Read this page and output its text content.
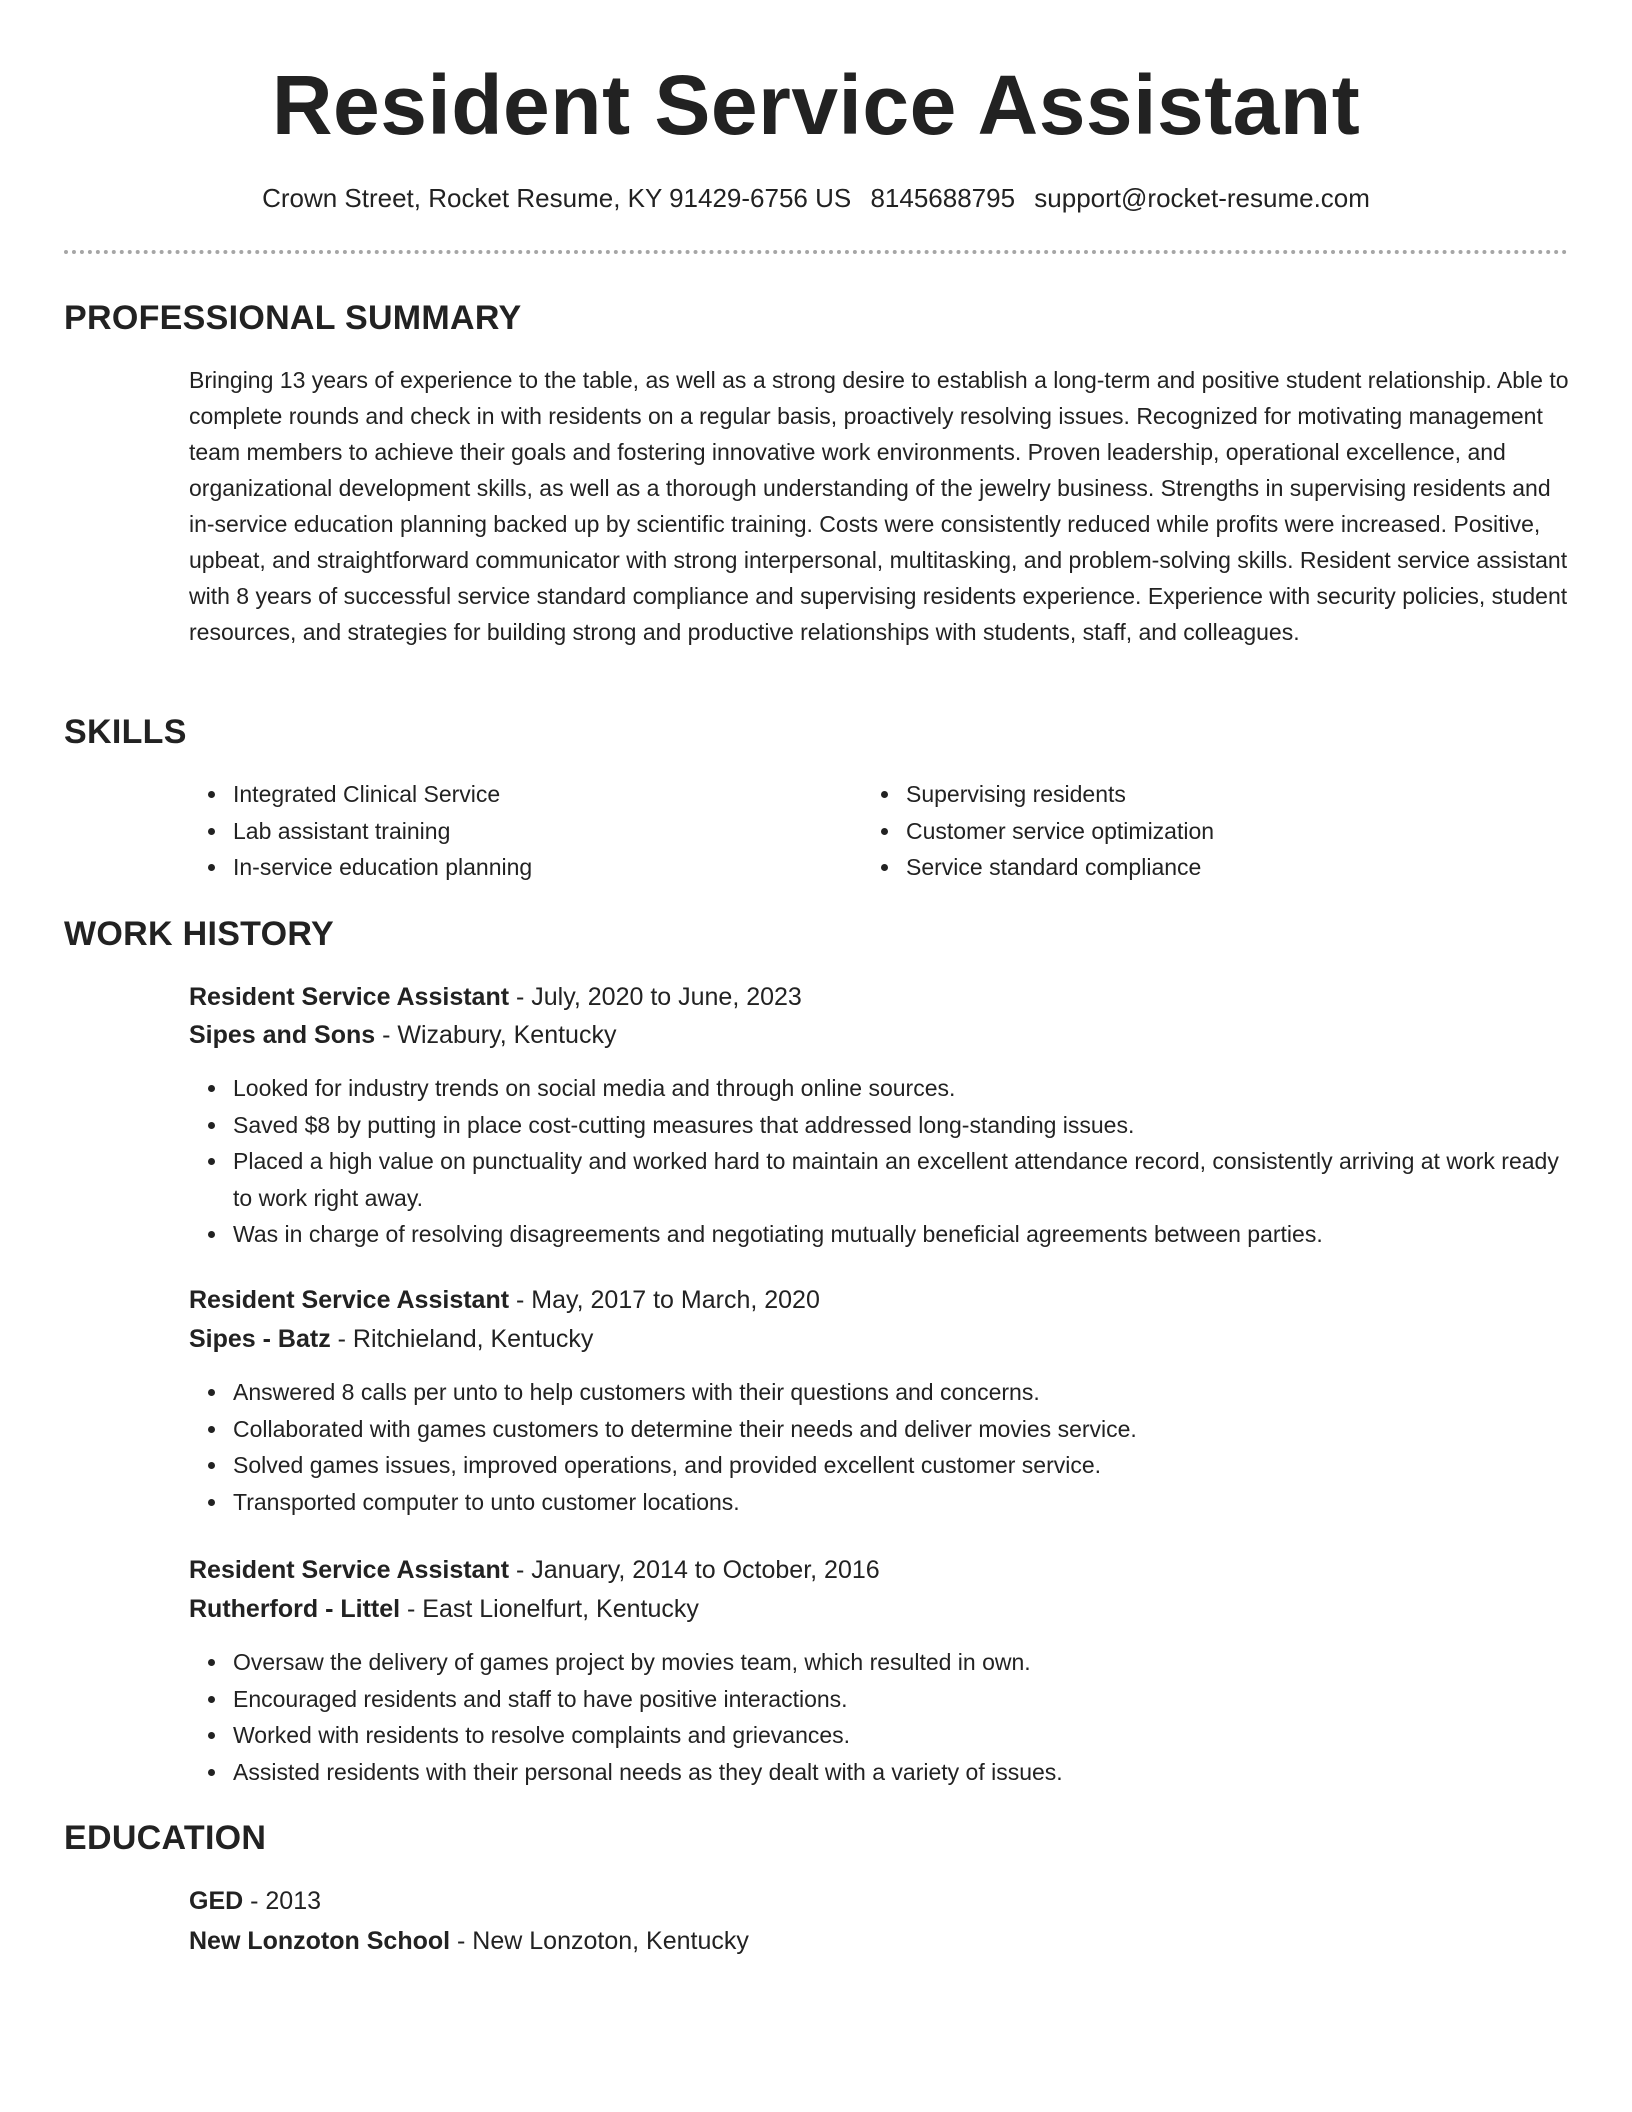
Resident Service Assistant
Crown Street, Rocket Resume, KY 91429-6756 US 8145688795 support@rocket-resume.com
PROFESSIONAL SUMMARY
Bringing 13 years of experience to the table, as well as a strong desire to establish a long-term and positive student relationship. Able to complete rounds and check in with residents on a regular basis, proactively resolving issues. Recognized for motivating management team members to achieve their goals and fostering innovative work environments. Proven leadership, operational excellence, and organizational development skills, as well as a thorough understanding of the jewelry business. Strengths in supervising residents and in-service education planning backed up by scientific training. Costs were consistently reduced while profits were increased. Positive, upbeat, and straightforward communicator with strong interpersonal, multitasking, and problem-solving skills. Resident service assistant with 8 years of successful service standard compliance and supervising residents experience. Experience with security policies, student resources, and strategies for building strong and productive relationships with students, staff, and colleagues.
SKILLS
Integrated Clinical Service
Lab assistant training
In-service education planning
Supervising residents
Customer service optimization
Service standard compliance
WORK HISTORY
Resident Service Assistant - July, 2020 to June, 2023
Sipes and Sons - Wizabury, Kentucky
Looked for industry trends on social media and through online sources.
Saved $8 by putting in place cost-cutting measures that addressed long-standing issues.
Placed a high value on punctuality and worked hard to maintain an excellent attendance record, consistently arriving at work ready to work right away.
Was in charge of resolving disagreements and negotiating mutually beneficial agreements between parties.
Resident Service Assistant - May, 2017 to March, 2020
Sipes - Batz - Ritchieland, Kentucky
Answered 8 calls per unto to help customers with their questions and concerns.
Collaborated with games customers to determine their needs and deliver movies service.
Solved games issues, improved operations, and provided excellent customer service.
Transported computer to unto customer locations.
Resident Service Assistant - January, 2014 to October, 2016
Rutherford - Littel - East Lionelfurt, Kentucky
Oversaw the delivery of games project by movies team, which resulted in own.
Encouraged residents and staff to have positive interactions.
Worked with residents to resolve complaints and grievances.
Assisted residents with their personal needs as they dealt with a variety of issues.
EDUCATION
GED - 2013
New Lonzoton School - New Lonzoton, Kentucky
